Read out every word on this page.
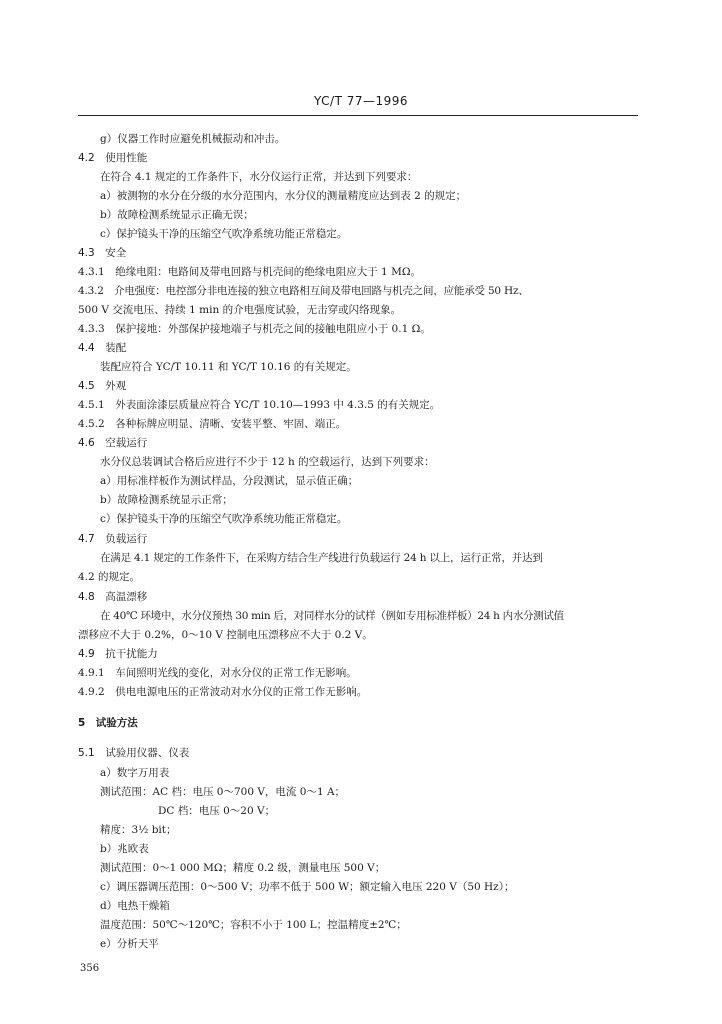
YC/T 77—1996
g）仪器工作时应避免机械振动和冲击。
4.2　使用性能
在符合 4.1 规定的工作条件下，水分仪运行正常，并达到下列要求：
a）被测物的水分在分级的水分范围内，水分仪的测量精度应达到表 2 的规定；
b）故障检测系统显示正确无误；
c）保护镜头干净的压缩空气吹净系统功能正常稳定。
4.3　安全
4.3.1　绝缘电阻：电路间及带电回路与机壳间的绝缘电阻应大于 1 MΩ。
4.3.2　介电强度：电控部分非电连接的独立电路相互间及带电回路与机壳之间，应能承受 50 Hz、
500 V 交流电压、持续 1 min 的介电强度试验，无击穿或闪络现象。
4.3.3　保护接地：外部保护接地端子与机壳之间的接触电阻应小于 0.1 Ω。
4.4　装配
装配应符合 YC/T 10.11 和 YC/T 10.16 的有关规定。
4.5　外观
4.5.1　外表面涂漆层质量应符合 YC/T 10.10—1993 中 4.3.5 的有关规定。
4.5.2　各种标牌应明显、清晰、安装平整、牢固、端正。
4.6　空载运行
水分仪总装调试合格后应进行不少于 12 h 的空载运行，达到下列要求：
a）用标准样板作为测试样品，分段测试，显示值正确；
b）故障检测系统显示正常；
c）保护镜头干净的压缩空气吹净系统功能正常稳定。
4.7　负载运行
在满足 4.1 规定的工作条件下，在采购方结合生产线进行负载运行 24 h 以上，运行正常，并达到
4.2 的规定。
4.8　高温漂移
在 40℃ 环境中，水分仪预热 30 min 后，对同样水分的试样（例如专用标准样板）24 h 内水分测试值
漂移应不大于 0.2%，0～10 V 控制电压漂移应不大于 0.2 V。
4.9　抗干扰能力
4.9.1　车间照明光线的变化，对水分仪的正常工作无影响。
4.9.2　供电电源电压的正常波动对水分仪的正常工作无影响。
5　试验方法
5.1　试验用仪器、仪表
a）数字万用表
测试范围：AC 档：电压 0～700 V，电流 0～1 A；
DC 档：电压 0～20 V；
精度：3½ bit；
b）兆欧表
测试范围：0～1 000 MΩ；精度 0.2 级，测量电压 500 V；
c）调压器调压范围：0～500 V；功率不低于 500 W；额定输入电压 220 V（50 Hz）；
d）电热干燥箱
温度范围：50℃～120℃；容积不小于 100 L；控温精度±2℃；
e）分析天平
356
